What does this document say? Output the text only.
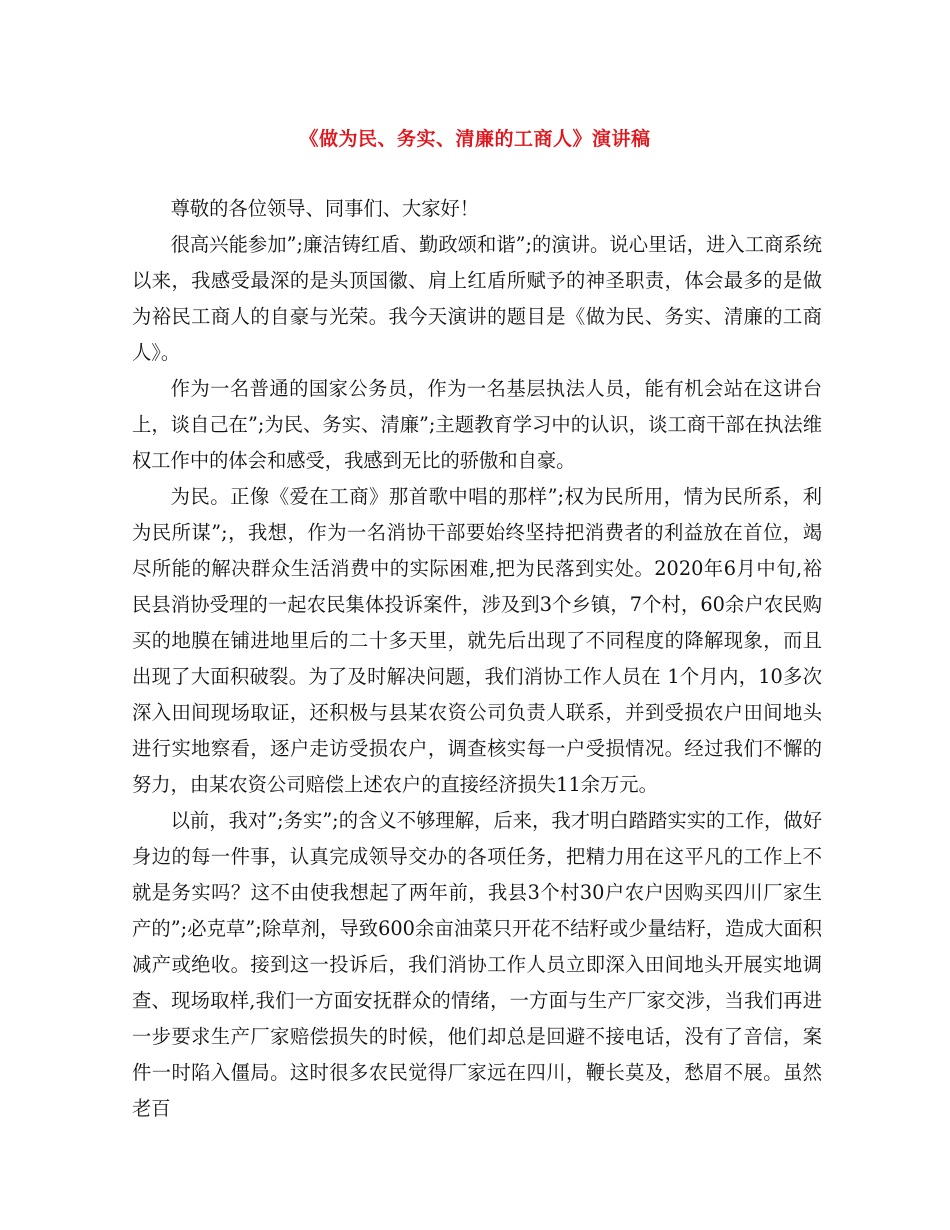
《做为民、务实、清廉的工商人》演讲稿

尊敬的各位领导、同事们、大家好！

很高兴能参加”;廉洁铸红盾、勤政颂和谐”;的演讲。说心里话，进入工商系统以来，我感受最深的是头顶国徽、肩上红盾所赋予的神圣职责，体会最多的是做为裕民工商人的自豪与光荣。我今天演讲的题目是《做为民、务实、清廉的工商人》。

作为一名普通的国家公务员，作为一名基层执法人员，能有机会站在这讲台上，谈自己在”;为民、务实、清廉”;主题教育学习中的认识，谈工商干部在执法维权工作中的体会和感受，我感到无比的骄傲和自豪。

为民。正像《爱在工商》那首歌中唱的那样”;权为民所用，情为民所系，利为民所谋”;，我想，作为一名消协干部要始终坚持把消费者的利益放在首位，竭尽所能的解决群众生活消费中的实际困难,把为民落到实处。2020年6月中旬,裕民县消协受理的一起农民集体投诉案件，涉及到3个乡镇，7个村，60余户农民购买的地膜在铺进地里后的二十多天里，就先后出现了不同程度的降解现象，而且出现了大面积破裂。为了及时解决问题，我们消协工作人员在 1个月内，10多次深入田间现场取证，还积极与县某农资公司负责人联系，并到受损农户田间地头进行实地察看，逐户走访受损农户，调查核实每一户受损情况。经过我们不懈的努力，由某农资公司赔偿上述农户的直接经济损失11余万元。

以前，我对”;务实”;的含义不够理解，后来，我才明白踏踏实实的工作，做好身边的每一件事，认真完成领导交办的各项任务，把精力用在这平凡的工作上不就是务实吗？这不由使我想起了两年前，我县3个村30户农户因购买四川厂家生产的”;必克草”;除草剂，导致600余亩油菜只开花不结籽或少量结籽，造成大面积减产或绝收。接到这一投诉后，我们消协工作人员立即深入田间地头开展实地调查、现场取样,我们一方面安抚群众的情绪，一方面与生产厂家交涉，当我们再进一步要求生产厂家赔偿损失的时候，他们却总是回避不接电话，没有了音信，案件一时陷入僵局。这时很多农民觉得厂家远在四川，鞭长莫及，愁眉不展。虽然老百
